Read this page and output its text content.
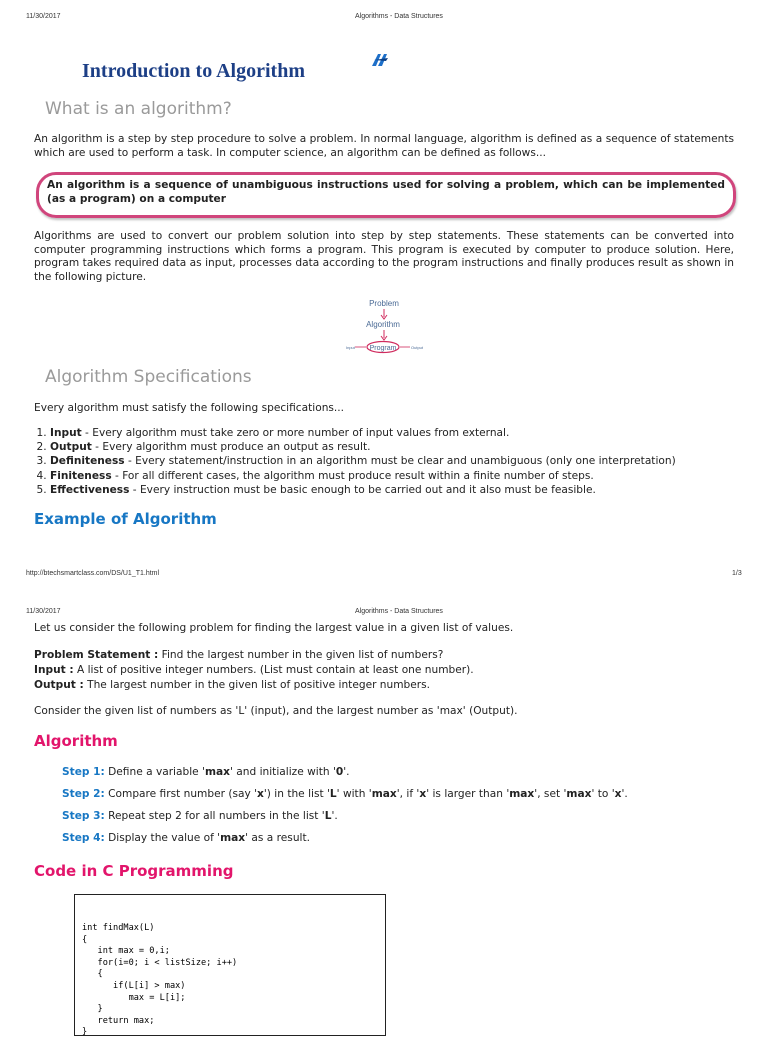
11/30/2017	Algorithms - Data Structures
Introduction to Algorithm
What is an algorithm?
An algorithm is a step by step procedure to solve a problem. In normal language, algorithm is defined as a sequence of statements which are used to perform a task. In computer science, an algorithm can be defined as follows...
An algorithm is a sequence of unambiguous instructions used for solving a problem, which can be implemented (as a program) on a computer
Algorithms are used to convert our problem solution into step by step statements. These statements can be converted into computer programming instructions which forms a program. This program is executed by computer to produce solution. Here, program takes required data as input, processes data according to the program instructions and finally produces result as shown in the following picture.
Problem
Algorithm
Program
Input	Output
Algorithm Specifications
Every algorithm must satisfy the following specifications...
1. Input - Every algorithm must take zero or more number of input values from external.
2. Output - Every algorithm must produce an output as result.
3. Definiteness - Every statement/instruction in an algorithm must be clear and unambiguous (only one interpretation)
4. Finiteness - For all different cases, the algorithm must produce result within a finite number of steps.
5. Effectiveness - Every instruction must be basic enough to be carried out and it also must be feasible.
Example of Algorithm
http://btechsmartclass.com/DS/U1_T1.html	1/3
11/30/2017	Algorithms - Data Structures
Let us consider the following problem for finding the largest value in a given list of values.
Problem Statement : Find the largest number in the given list of numbers?
Input : A list of positive integer numbers. (List must contain at least one number).
Output : The largest number in the given list of positive integer numbers.
Consider the given list of numbers as 'L' (input), and the largest number as 'max' (Output).
Algorithm
Step 1: Define a variable 'max' and initialize with '0'.
Step 2: Compare first number (say 'x') in the list 'L' with 'max', if 'x' is larger than 'max', set 'max' to 'x'.
Step 3: Repeat step 2 for all numbers in the list 'L'.
Step 4: Display the value of 'max' as a result.
Code in C Programming
int findMax(L)
{
int max = 0,i;
for(i=0; i < listSize; i++)
{
if(L[i] > max)
max = L[i];
}
return max;
}
